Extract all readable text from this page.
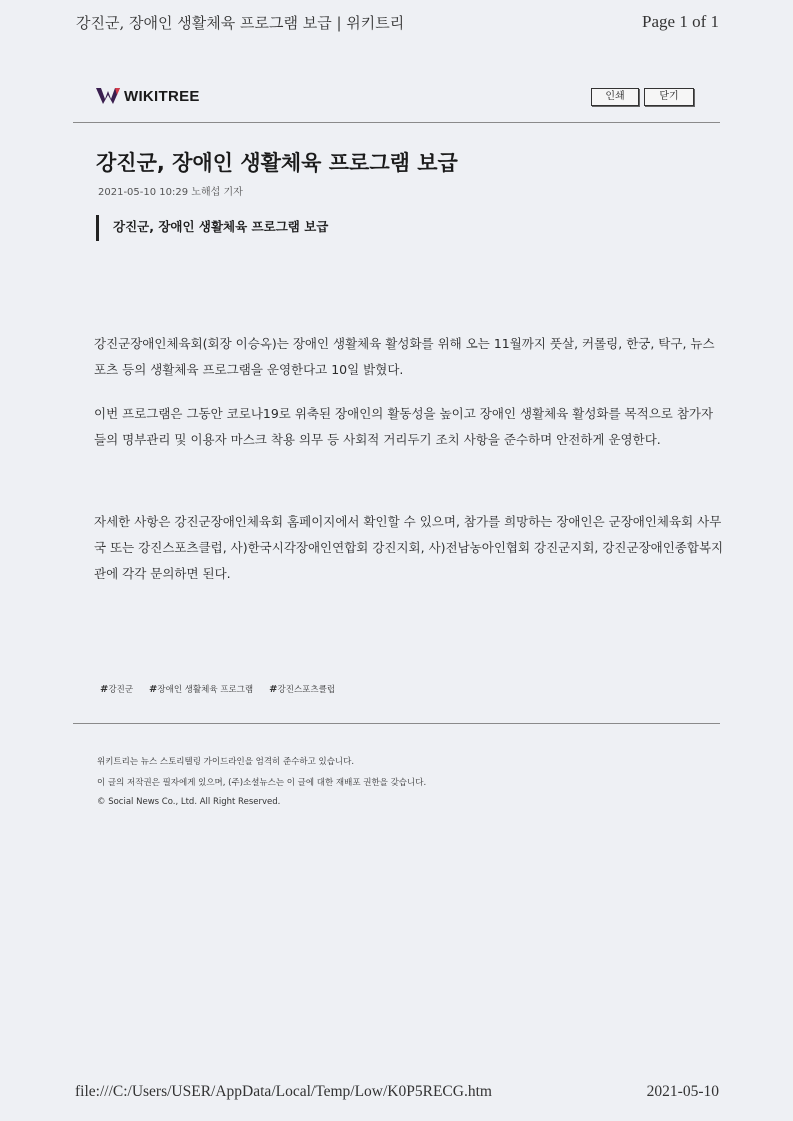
강진군, 장애인 생활체육 프로그램 보급 | 위키트리	Page 1 of 1
WIKITREE	인쇄	닫기
강진군, 장애인 생활체육 프로그램 보급
2021-05-10 10:29 노해섭 기자
강진군, 장애인 생활체육 프로그램 보급
강진군장애인체육회(회장 이승옥)는 장애인 생활체육 활성화를 위해 오는 11월까지 풋살, 커롤링, 한궁, 탁구, 뉴스포츠 등의 생활체육 프로그램을 운영한다고 10일 밝혔다.
이번 프로그램은 그동안 코로나19로 위축된 장애인의 활동성을 높이고 장애인 생활체육 활성화를 목적으로 참가자들의 명부관리 및 이용자 마스크 착용 의무 등 사회적 거리두기 조치 사항을 준수하며 안전하게 운영한다.
자세한 사항은 강진군장애인체육회 홈페이지에서 확인할 수 있으며, 참가를 희망하는 장애인은 군장애인체육회 사무국 또는 강진스포츠클럽, 사)한국시각장애인연합회 강진지회, 사)전남농아인협회 강진군지회, 강진군장애인종합복지관에 각각 문의하면 된다.
#강진군 #장애인 생활체육 프로그램 #강진스포츠클럽
위키트리는 뉴스 스토리텔링 가이드라인을 엄격히 준수하고 있습니다.
이 글의 저작권은 필자에게 있으며, (주)소셜뉴스는 이 글에 대한 재배포 권한을 갖습니다.
© Social News Co., Ltd. All Right Reserved.
file:///C:/Users/USER/AppData/Local/Temp/Low/K0P5RECG.htm	2021-05-10
